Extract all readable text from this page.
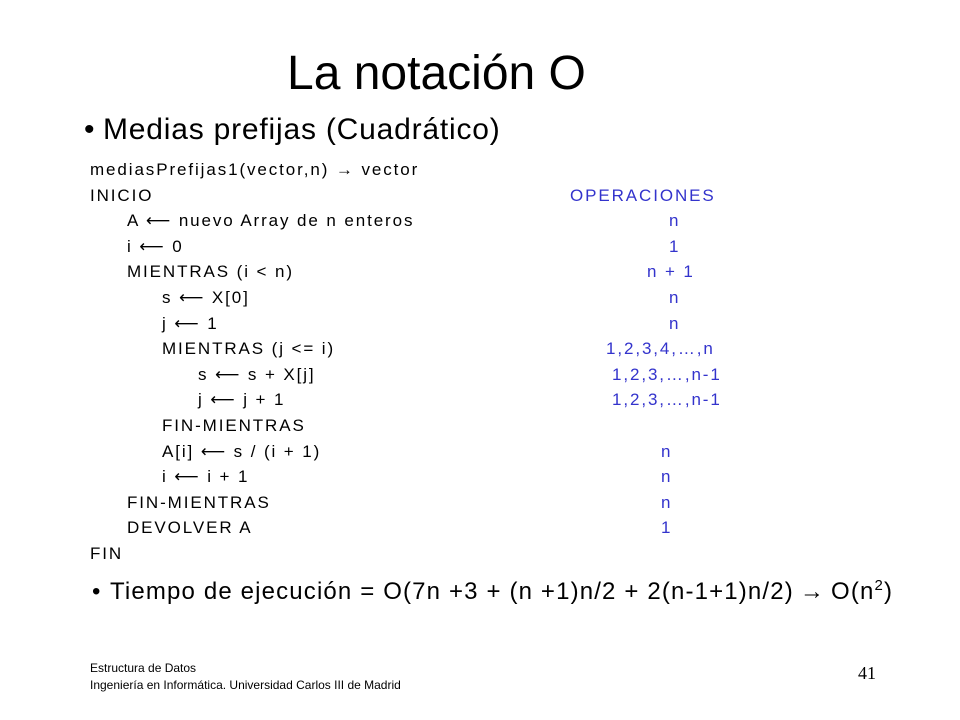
La notación O
• Medias prefijas (Cuadrático)
mediasPrefijas1(vector,n) → vector
INICIO	OPERACIONES
A ⟵ nuevo Array de n enteros	n
i ⟵ 0	1
MIENTRAS (i < n)	n + 1
s ⟵ X[0]	n
j ⟵ 1	n
MIENTRAS (j <= i)	1,2,3,4,…,n
s ⟵ s + X[j]	1,2,3,…,n-1
j ⟵ j + 1	1,2,3,…,n-1
FIN-MIENTRAS
A[i] ⟵ s / (i + 1)	n
i ⟵ i + 1	n
FIN-MIENTRAS	n
DEVOLVER A	1
FIN
• Tiempo de ejecución = $O(7n +3 + (n +1)n/2 + 2(n-1+1)n/2) \to O(n^2)$
Estructura de Datos
Ingeniería en Informática. Universidad Carlos III de Madrid
41
